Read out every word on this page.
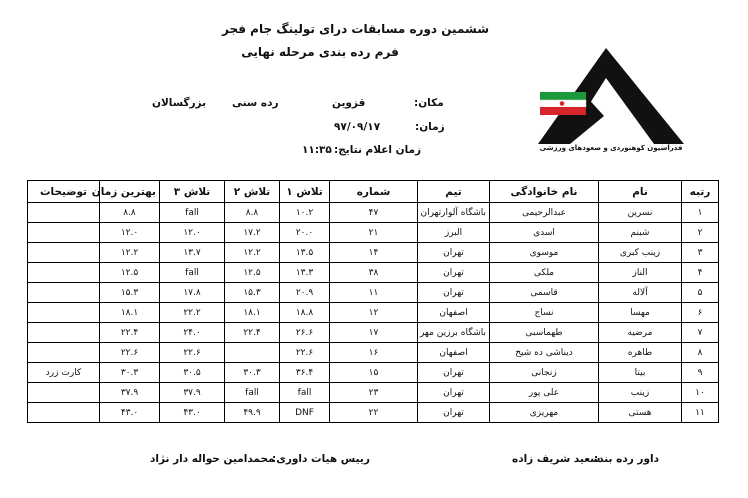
ششمین دوره مسابقات درای تولینگ جام فجر
فرم رده بندی مرحله نهایی
فدراسیون کوهنوردی و صعودهای ورزشی
مکان:
قزوین
رده سنی
بزرگسالان
زمان:
۹۷/۰۹/۱۷
زمان اعلام نتایج:
۱۱:۳۵
رتبه	نام	نام خانوادگی	تیم	شماره	تلاش ۱	تلاش ۲	تلاش ۳	بهترین زمان	توضیحات
۱	نسرین	عبدالرحیمی	باشگاه آلوارتهران	۴۷	۱۰.۲	۸.۸	fall	۸.۸	
۲	شبنم	اسدی	البرز	۲۱	۲۰.۰	۱۷.۲	۱۲.۰	۱۲.۰	
۳	زینب کبری	موسوی	تهران	۱۴	۱۳.۵	۱۲.۲	۱۳.۷	۱۲.۲	
۴	الناز	ملکی	تهران	۳۸	۱۳.۳	۱۲.۵	fall	۱۲.۵	
۵	آلاله	قاسمی	تهران	۱۱	۲۰.۹	۱۵.۳	۱۷.۸	۱۵.۳	
۶	مهسا	نساج	اصفهان	۱۲	۱۸.۸	۱۸.۱	۲۲.۲	۱۸.۱	
۷	مرضیه	طهماسبی	باشگاه برزین مهر	۱۷	۲۶.۶	۲۲.۴	۲۴.۰	۲۲.۴	
۸	طاهره	دیناشی ده شیخ	اصفهان	۱۶	۲۲.۶		۲۲.۶	۲۲.۶	
۹	بیتا	زنجانی	تهران	۱۵	۳۶.۴	۳۰.۳	۳۰.۵	۳۰.۳	کارت زرد
۱۰	زینب	علی پور	تهران	۲۳	fall	fall	۳۷.۹	۳۷.۹	
۱۱	هستی	مهریزی	تهران	۲۲	DNF	۴۹.۹	۴۳.۰	۴۳.۰	
داور رده بند:
سعید شریف زاده
رییس هیات داوری:
محمدامین حواله دار نژاد
